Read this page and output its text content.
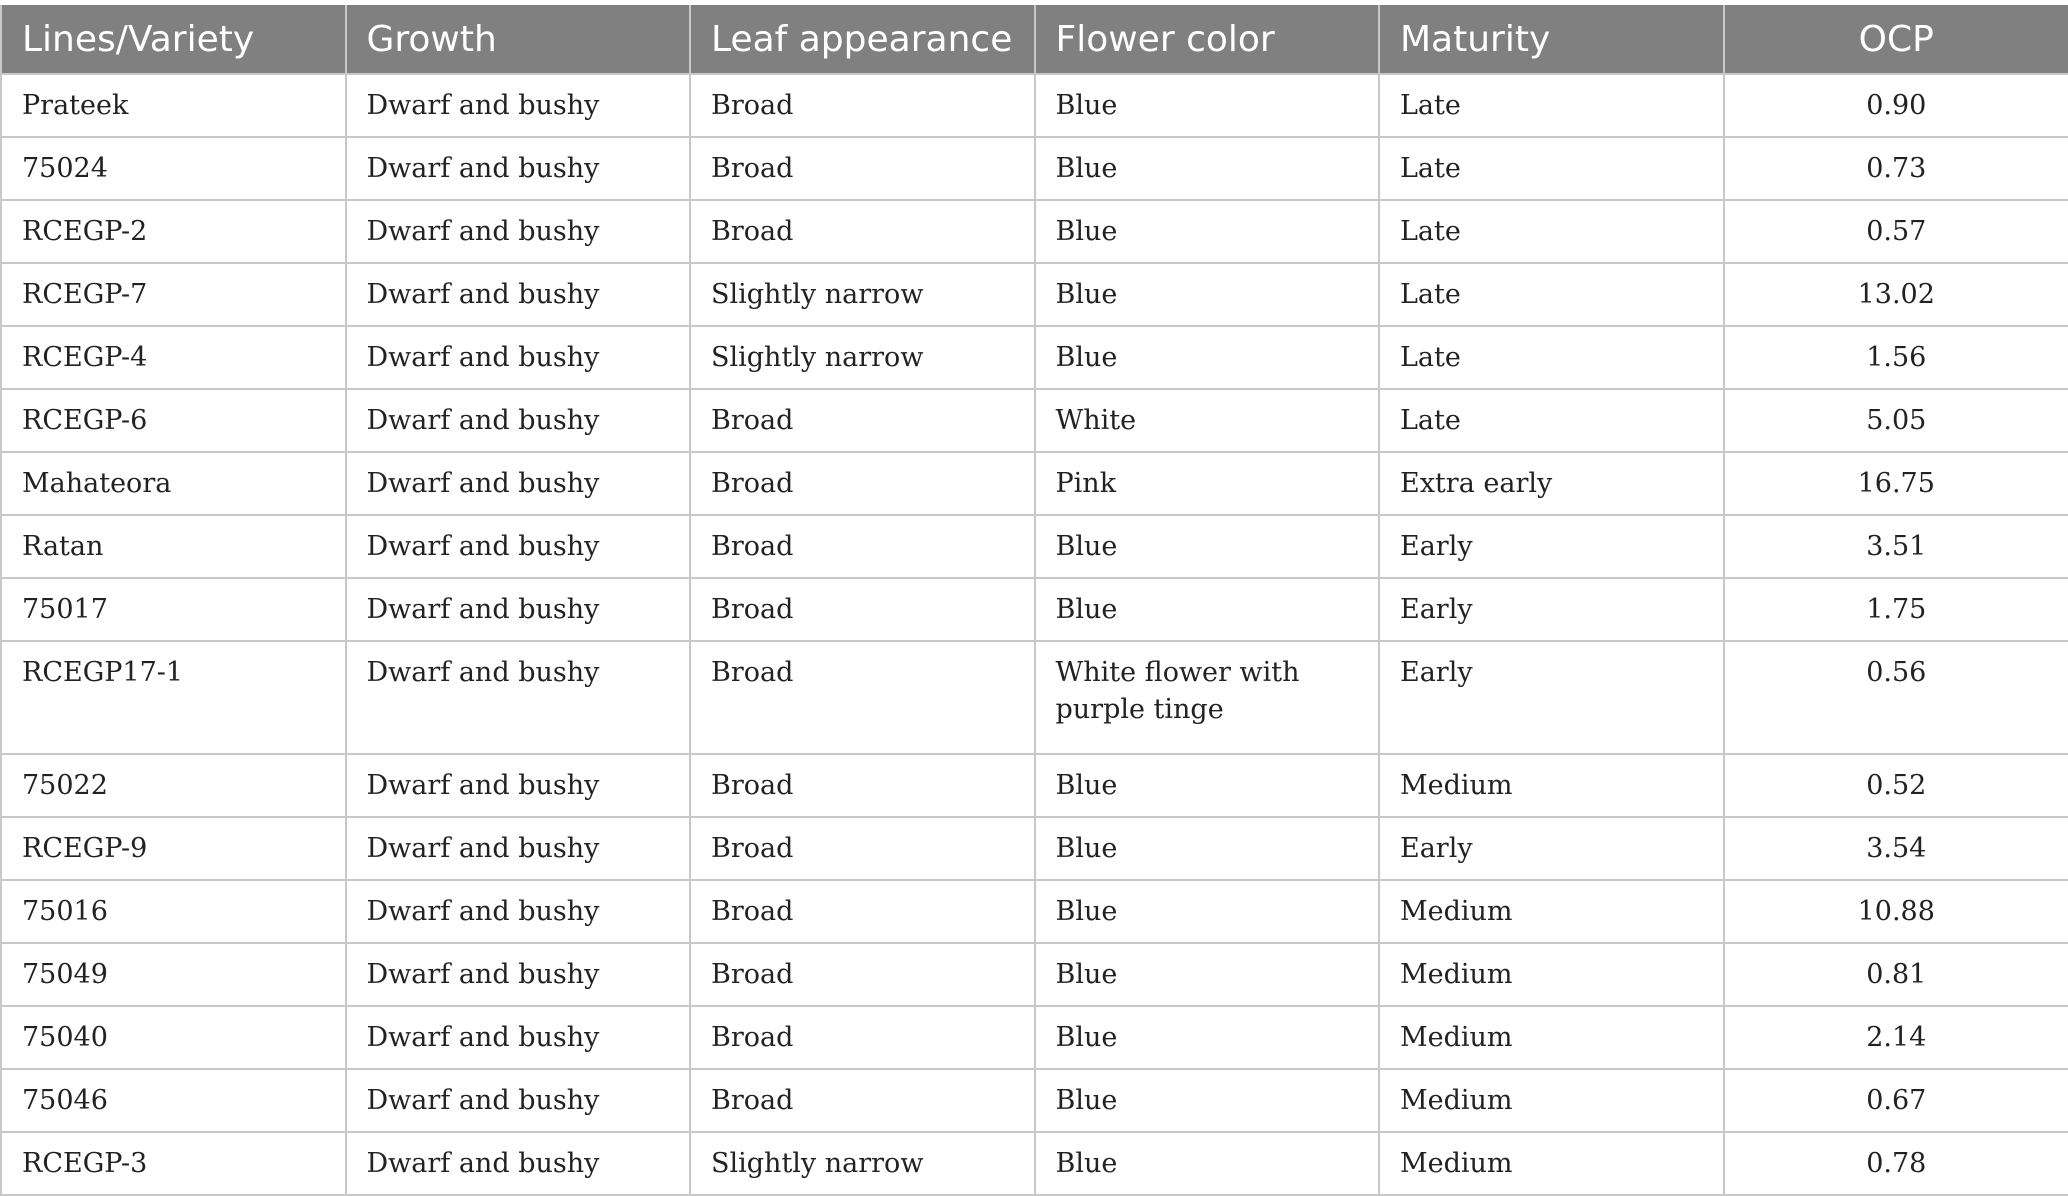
Lines/Variety	Growth	Leaf appearance	Flower color	Maturity	OCP
Prateek	Dwarf and bushy	Broad	Blue	Late	0.90
75024	Dwarf and bushy	Broad	Blue	Late	0.73
RCEGP-2	Dwarf and bushy	Broad	Blue	Late	0.57
RCEGP-7	Dwarf and bushy	Slightly narrow	Blue	Late	13.02
RCEGP-4	Dwarf and bushy	Slightly narrow	Blue	Late	1.56
RCEGP-6	Dwarf and bushy	Broad	White	Late	5.05
Mahateora	Dwarf and bushy	Broad	Pink	Extra early	16.75
Ratan	Dwarf and bushy	Broad	Blue	Early	3.51
75017	Dwarf and bushy	Broad	Blue	Early	1.75
RCEGP17-1	Dwarf and bushy	Broad	White flower with purple tinge	Early	0.56
75022	Dwarf and bushy	Broad	Blue	Medium	0.52
RCEGP-9	Dwarf and bushy	Broad	Blue	Early	3.54
75016	Dwarf and bushy	Broad	Blue	Medium	10.88
75049	Dwarf and bushy	Broad	Blue	Medium	0.81
75040	Dwarf and bushy	Broad	Blue	Medium	2.14
75046	Dwarf and bushy	Broad	Blue	Medium	0.67
RCEGP-3	Dwarf and bushy	Slightly narrow	Blue	Medium	0.78
